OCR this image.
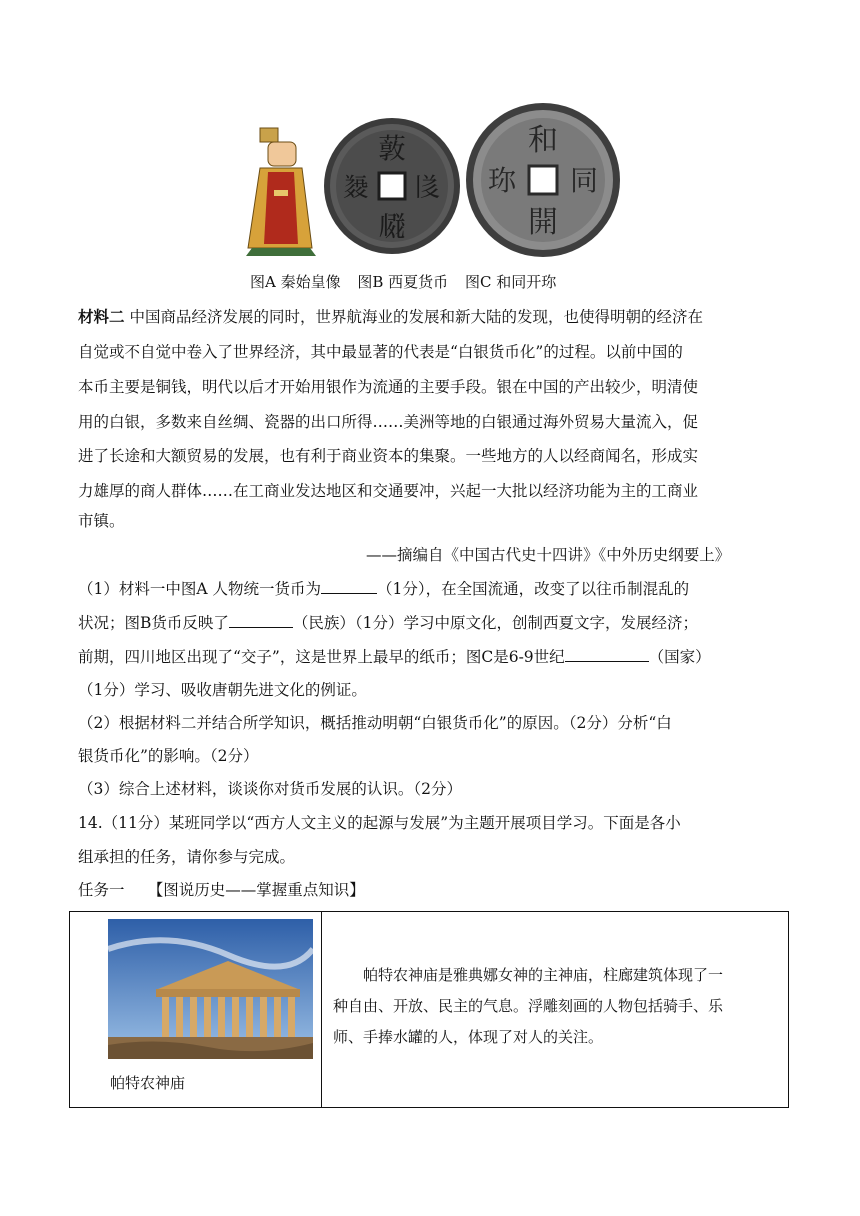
䔻
𗁅
𗆧
𘐀
和
同
開
珎
图A 秦始皇像 图B 西夏货币 图C 和同开珎
材料二 中国商品经济发展的同时，世界航海业的发展和新大陆的发现，也使得明朝的经济在
自觉或不自觉中卷入了世界经济，其中最显著的代表是“白银货币化”的过程。以前中国的
本币主要是铜钱，明代以后才开始用银作为流通的主要手段。银在中国的产出较少，明清使
用的白银，多数来自丝绸、瓷器的出口所得……美洲等地的白银通过海外贸易大量流入，促
进了长途和大额贸易的发展，也有利于商业资本的集聚。一些地方的人以经商闻名，形成实
力雄厚的商人群体……在工商业发达地区和交通要冲，兴起一大批以经济功能为主的工商业
市镇。
——摘编自《中国古代史十四讲》《中外历史纲要上》
（1）材料一中图A 人物统一货币为	（1分），在全国流通，改变了以往币制混乱的
状况；图B货币反映了	（民族）（1分）学习中原文化，创制西夏文字，发展经济；
前期，四川地区出现了“交子”，这是世界上最早的纸币；图C是6-9世纪	（国家）
（1分）学习、吸收唐朝先进文化的例证。
（2）根据材料二并结合所学知识，概括推动明朝“白银货币化”的原因。（2分）分析“白
银货币化”的影响。（2分）
（3）综合上述材料，谈谈你对货币发展的认识。（2分）
14.（11分）某班同学以“西方人文主义的起源与发展”为主题开展项目学习。下面是各小
组承担的任务，请你参与完成。
任务一　　【图说历史——掌握重点知识】
帕特农神庙

　　帕特农神庙是雅典娜女神的主神庙，柱廊建筑体现了一

种自由、开放、民主的气息。浮雕刻画的人物包括骑手、乐

师、手捧水罐的人，体现了对人的关注。
